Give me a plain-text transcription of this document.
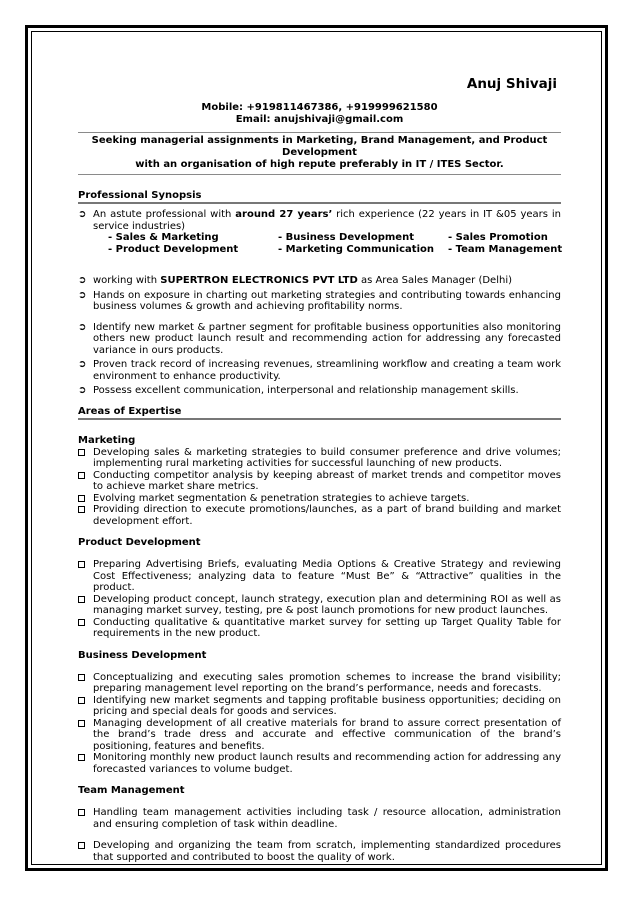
Anuj Shivaji
Mobile: +919811467386, +919999621580
Email: anujshivaji@gmail.com
Seeking managerial assignments in Marketing, Brand Management, and Product Development
with an organisation of high repute preferably in IT / ITES Sector.
Professional Synopsis
➲ An astute professional with around 27 years’ rich experience (22 years in IT &05 years in service industries)
- Sales & Marketing	- Business Development	- Sales Promotion
- Product Development	- Marketing Communication	- Team Management
➲ working with SUPERTRON ELECTRONICS PVT LTD as Area Sales Manager (Delhi)
➲ Hands on exposure in charting out marketing strategies and contributing towards enhancing business volumes & growth and achieving profitability norms.
➲ Identify new market & partner segment for profitable business opportunities also monitoring others new product launch result and recommending action for addressing any forecasted variance in ours products.
➲ Proven track record of increasing revenues, streamlining workflow and creating a team work environment to enhance productivity.
➲ Possess excellent communication, interpersonal and relationship management skills.
Areas of Expertise
Marketing
Developing sales & marketing strategies to build consumer preference and drive volumes; implementing rural marketing activities for successful launching of new products.
Conducting competitor analysis by keeping abreast of market trends and competitor moves to achieve market share metrics.
Evolving market segmentation & penetration strategies to achieve targets.
Providing direction to execute promotions/launches, as a part of brand building and market development effort.
Product Development
Preparing Advertising Briefs, evaluating Media Options & Creative Strategy and reviewing Cost Effectiveness; analyzing data to feature “Must Be” & “Attractive” qualities in the product.
Developing product concept, launch strategy, execution plan and determining ROI as well as managing market survey, testing, pre & post launch promotions for new product launches.
Conducting qualitative & quantitative market survey for setting up Target Quality Table for requirements in the new product.
Business Development
Conceptualizing and executing sales promotion schemes to increase the brand visibility; preparing management level reporting on the brand’s performance, needs and forecasts.
Identifying new market segments and tapping profitable business opportunities; deciding on pricing and special deals for goods and services.
Managing development of all creative materials for brand to assure correct presentation of the brand’s trade dress and accurate and effective communication of the brand’s positioning, features and benefits.
Monitoring monthly new product launch results and recommending action for addressing any forecasted variances to volume budget.
Team Management
Handling team management activities including task / resource allocation, administration and ensuring completion of task within deadline.
Developing and organizing the team from scratch, implementing standardized procedures that supported and contributed to boost the quality of work.
